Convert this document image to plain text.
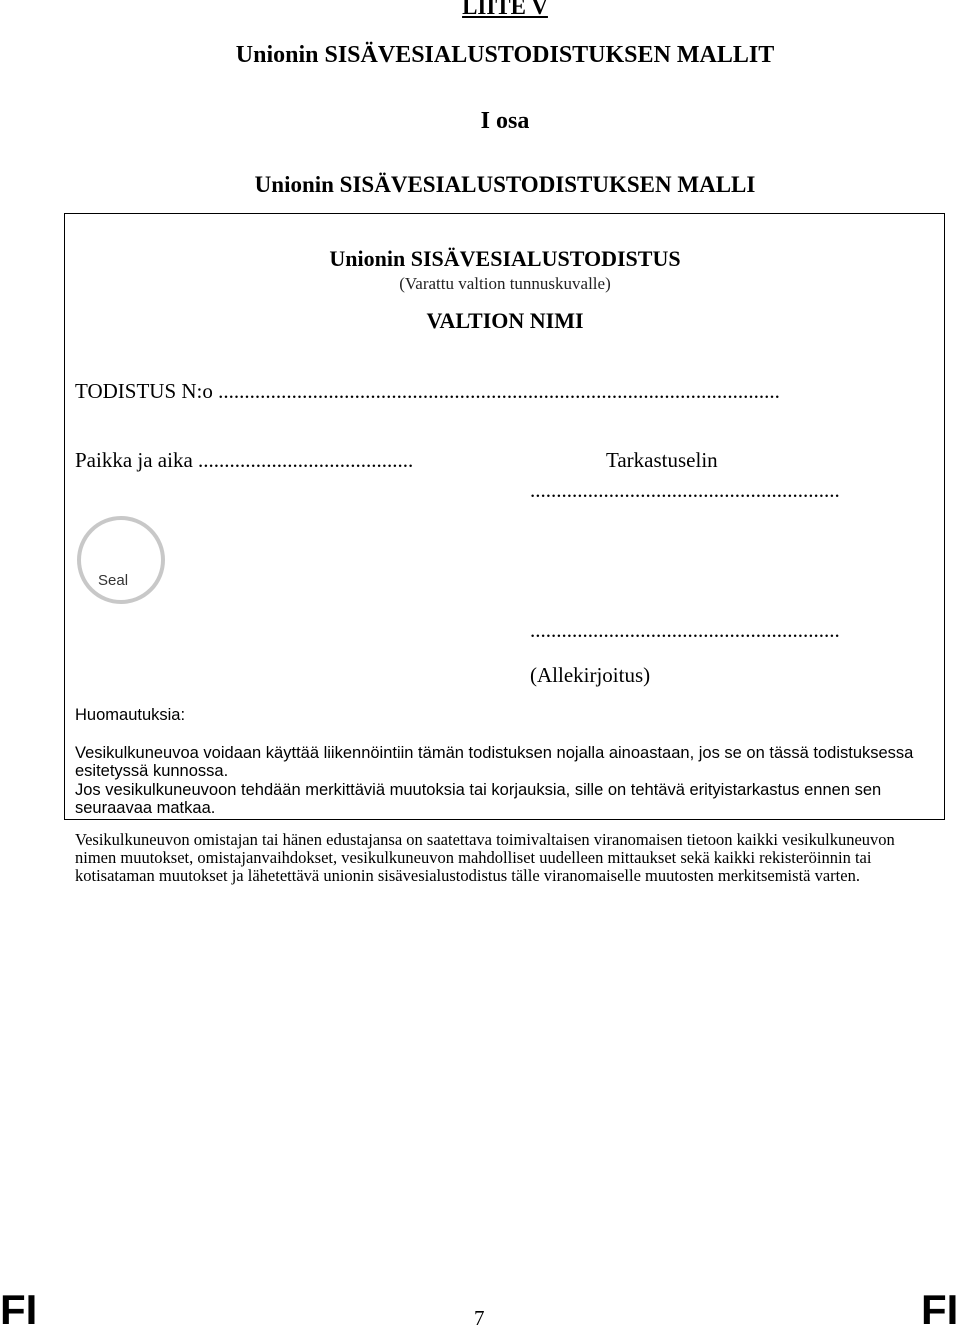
LIITE V
Unionin SISÄVESIALUSTODISTUKSEN MALLIT
I osa
Unionin SISÄVESIALUSTODISTUKSEN MALLI
Unionin SISÄVESIALUSTODISTUS
(Varattu valtion tunnuskuvalle)
VALTION NIMI
TODISTUS N:o ...........................................................................................................
Paikka ja aika .........................................	Tarkastuselin
...........................................................
Seal
...........................................................
(Allekirjoitus)
Huomautuksia:
Vesikulkuneuvoa voidaan käyttää liikennöintiin tämän todistuksen nojalla ainoastaan, jos se on tässä todistuksessa esitetyssä kunnossa.
Jos vesikulkuneuvoon tehdään merkittäviä muutoksia tai korjauksia, sille on tehtävä erityistarkastus ennen sen seuraavaa matkaa.
Vesikulkuneuvon omistajan tai hänen edustajansa on saatettava toimivaltaisen viranomaisen tietoon kaikki vesikulkuneuvon nimen muutokset, omistajanvaihdokset, vesikulkuneuvon mahdolliset uudelleen mittaukset sekä kaikki rekisteröinnin tai kotisataman muutokset ja lähetettävä unionin sisävesialustodistus tälle viranomaiselle muutosten merkitsemistä varten.
FI	7	FI
